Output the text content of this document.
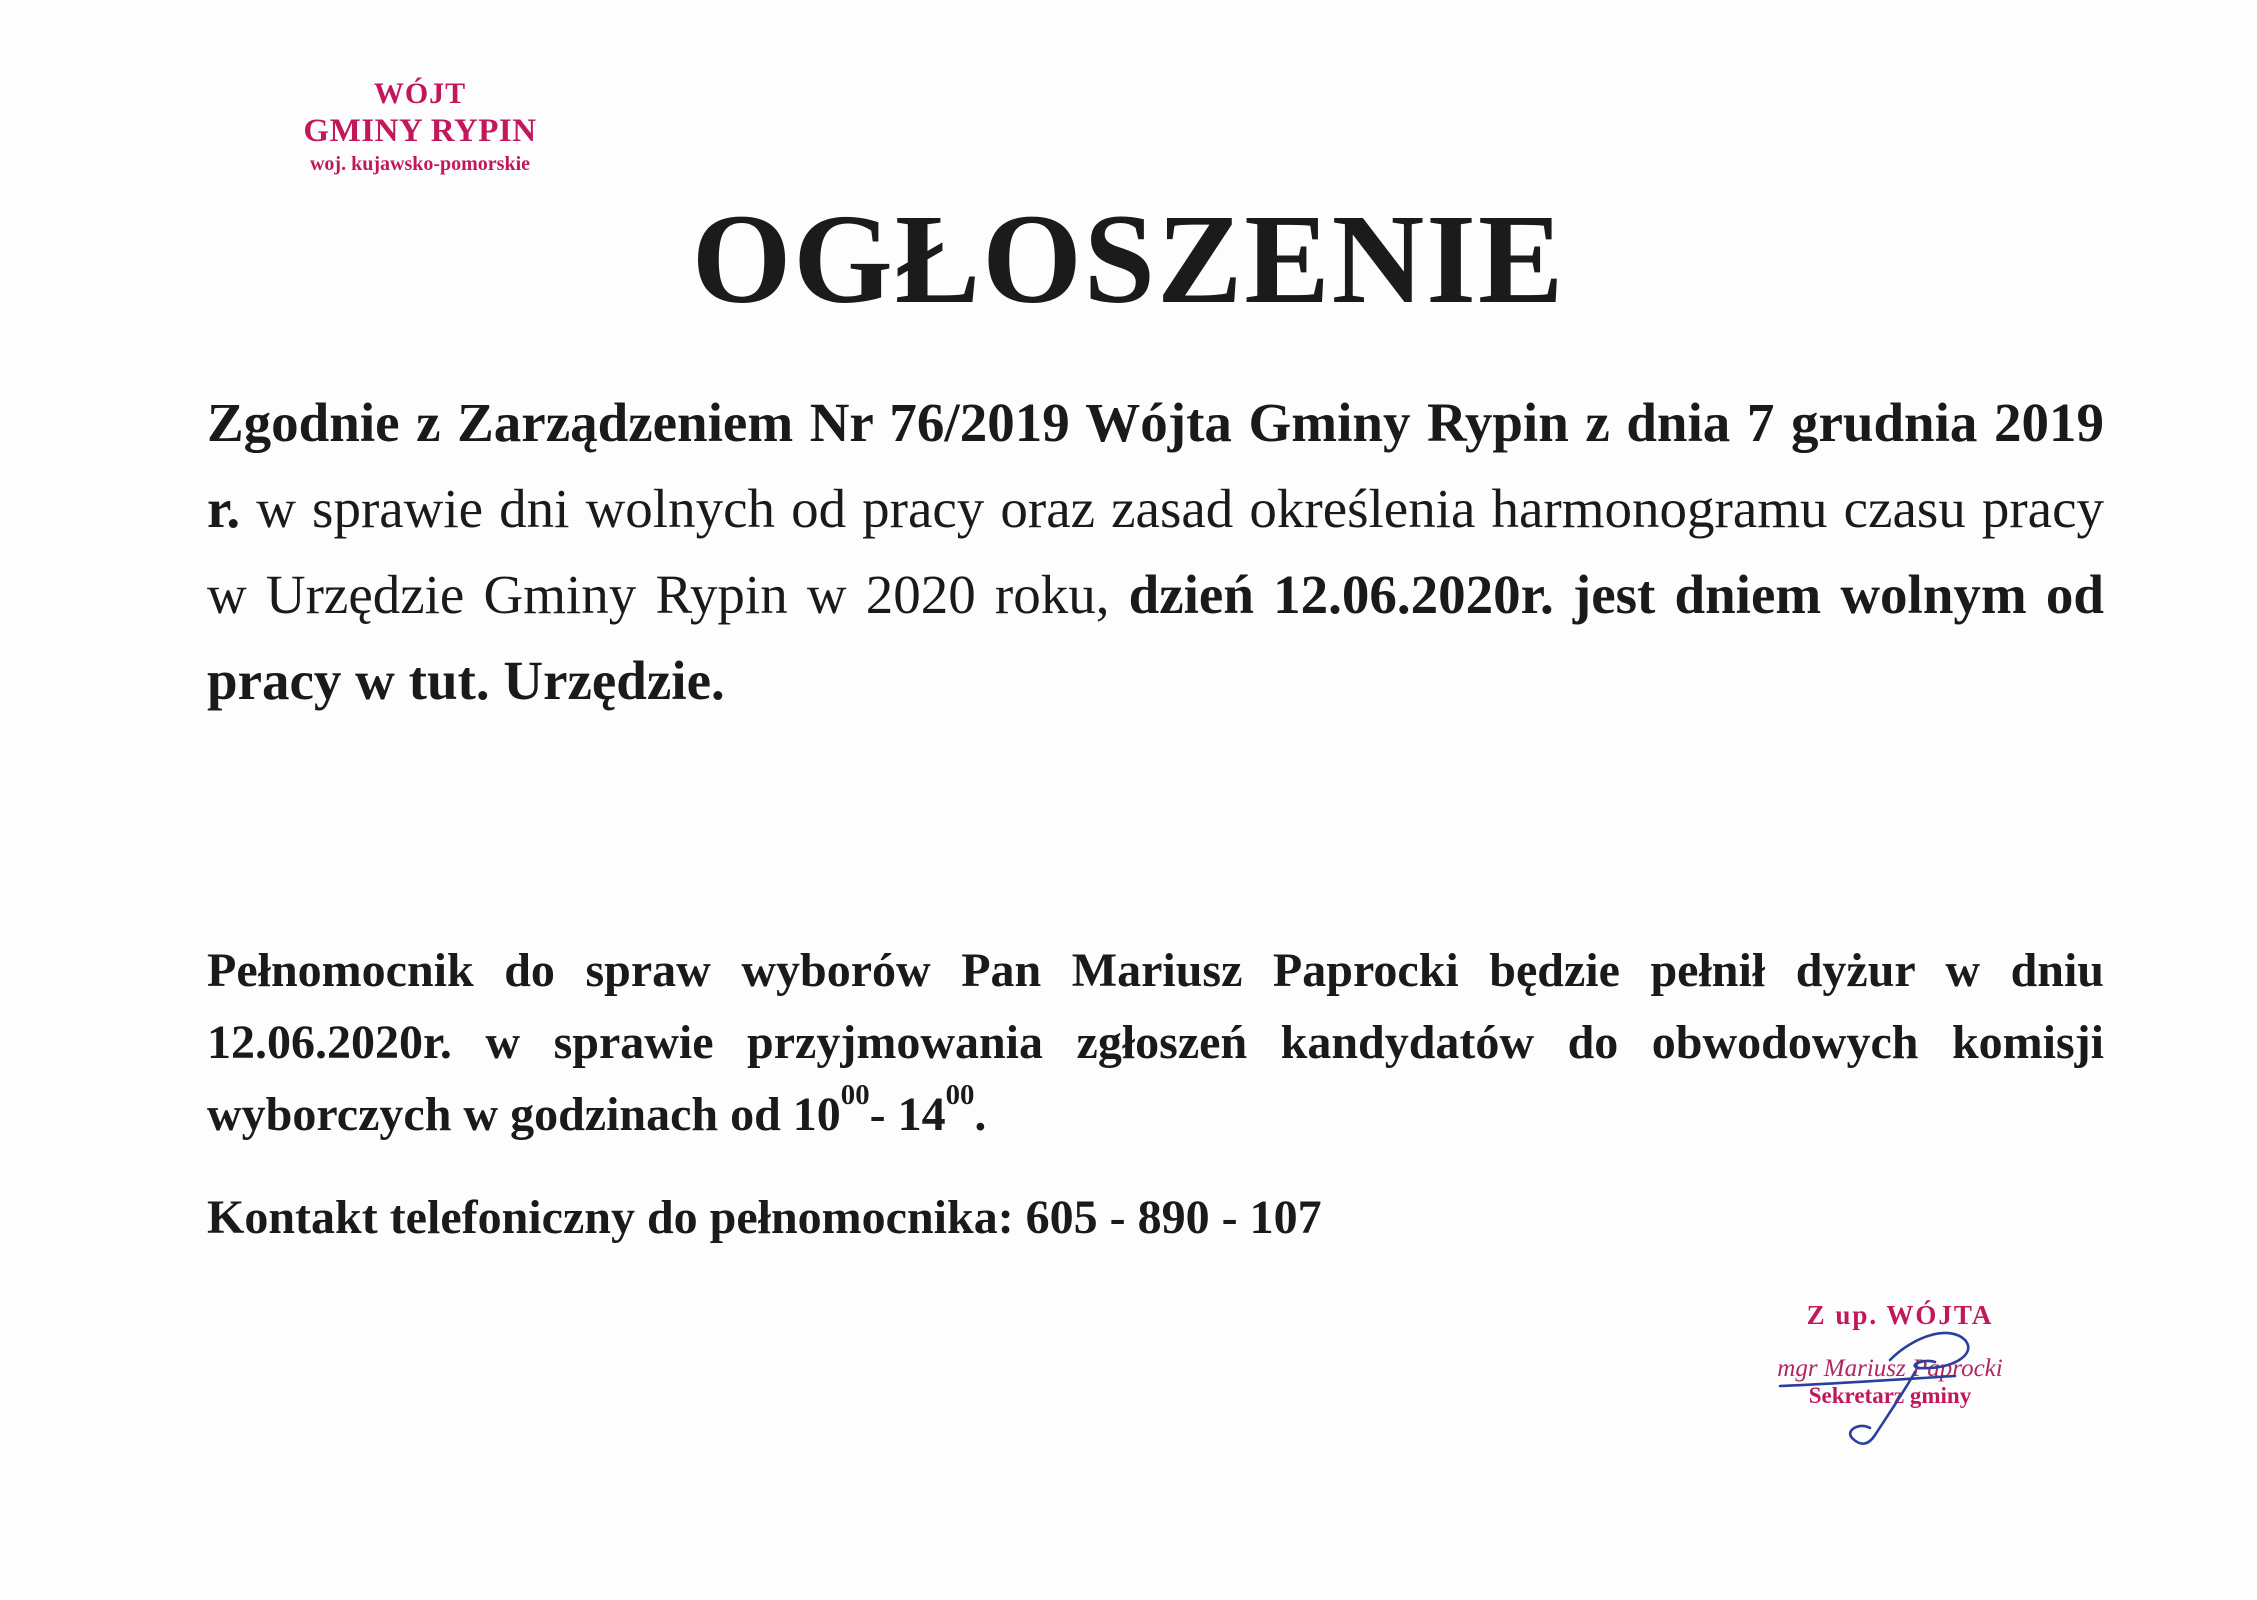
WÓJT
GMINY RYPIN
woj. kujawsko-pomorskie
OGŁOSZENIE
Zgodnie z Zarządzeniem Nr 76/2019 Wójta Gminy Rypin z dnia 7 grudnia 2019 r. w sprawie dni wolnych od pracy oraz zasad określenia harmonogramu czasu pracy w Urzędzie Gminy Rypin w 2020 roku, dzień 12.06.2020r. jest dniem wolnym od pracy w tut. Urzędzie.
Pełnomocnik do spraw wyborów Pan Mariusz Paprocki będzie pełnił dyżur w dniu 12.06.2020r. w sprawie przyjmowania zgłoszeń kandydatów do obwodowych komisji wyborczych w godzinach od $10^{00}-$ $14^{00}$.
Kontakt telefoniczny do pełnomocnika: 605 - 890 - 107
Z up. WÓJTA
mgr Mariusz Paprocki
Sekretarz gminy
